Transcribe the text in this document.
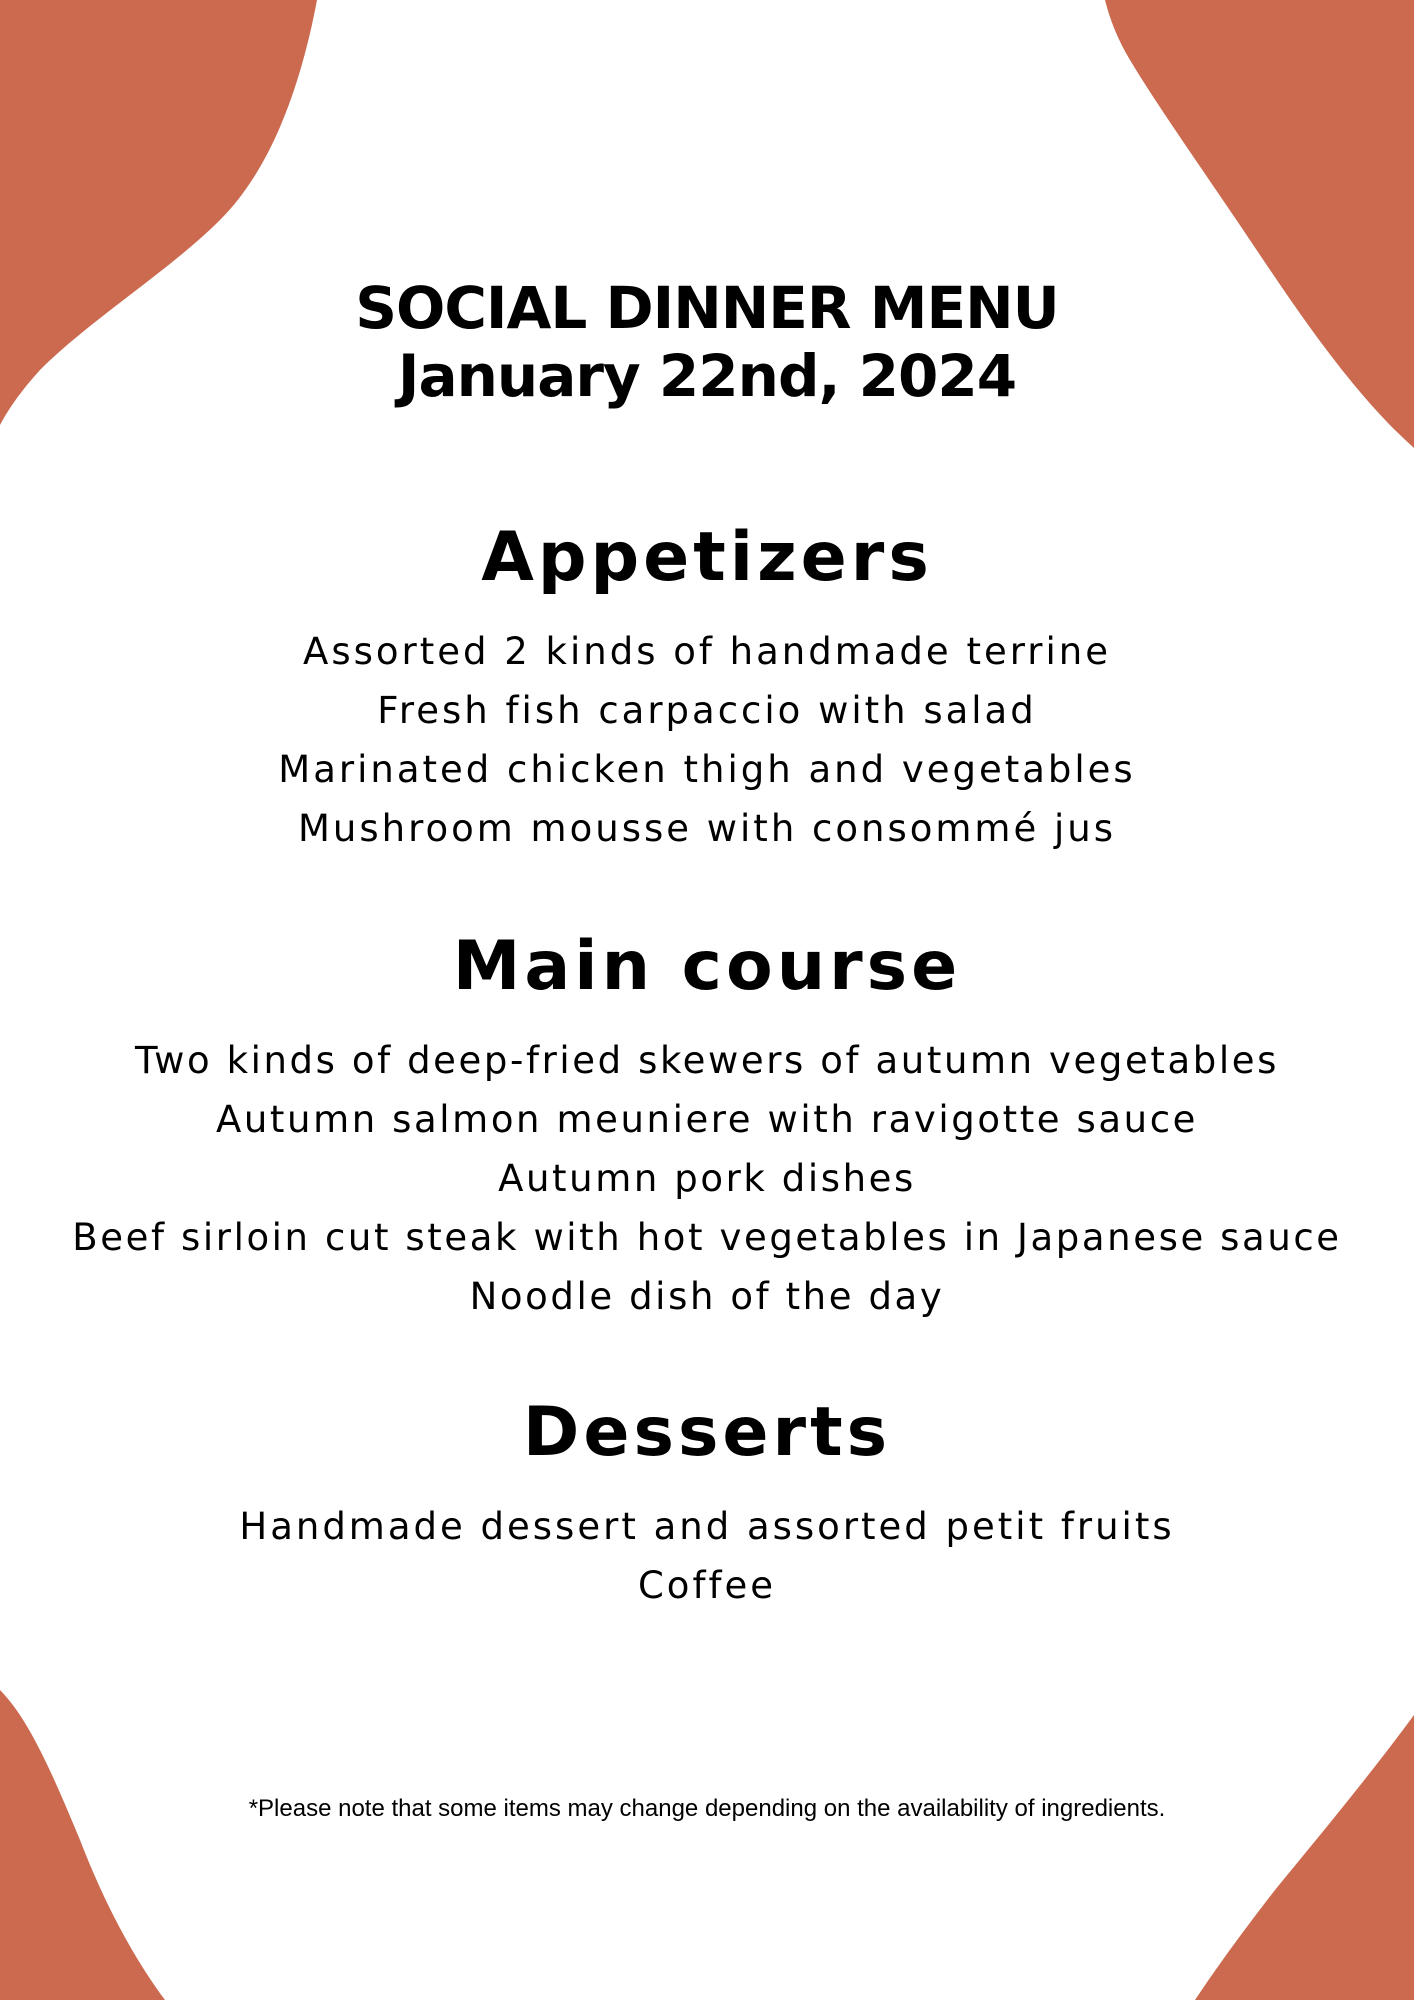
SOCIAL DINNER MENU
January 22nd, 2024
Appetizers
Assorted 2 kinds of handmade terrine
Fresh fish carpaccio with salad
Marinated chicken thigh and vegetables
Mushroom mousse with consommé jus
Main course
Two kinds of deep-fried skewers of autumn vegetables
Autumn salmon meuniere with ravigotte sauce
Autumn pork dishes
Beef sirloin cut steak with hot vegetables in Japanese sauce
Noodle dish of the day
Desserts
Handmade dessert and assorted petit fruits
Coffee

*Please note that some items may change depending on the availability of ingredients.
